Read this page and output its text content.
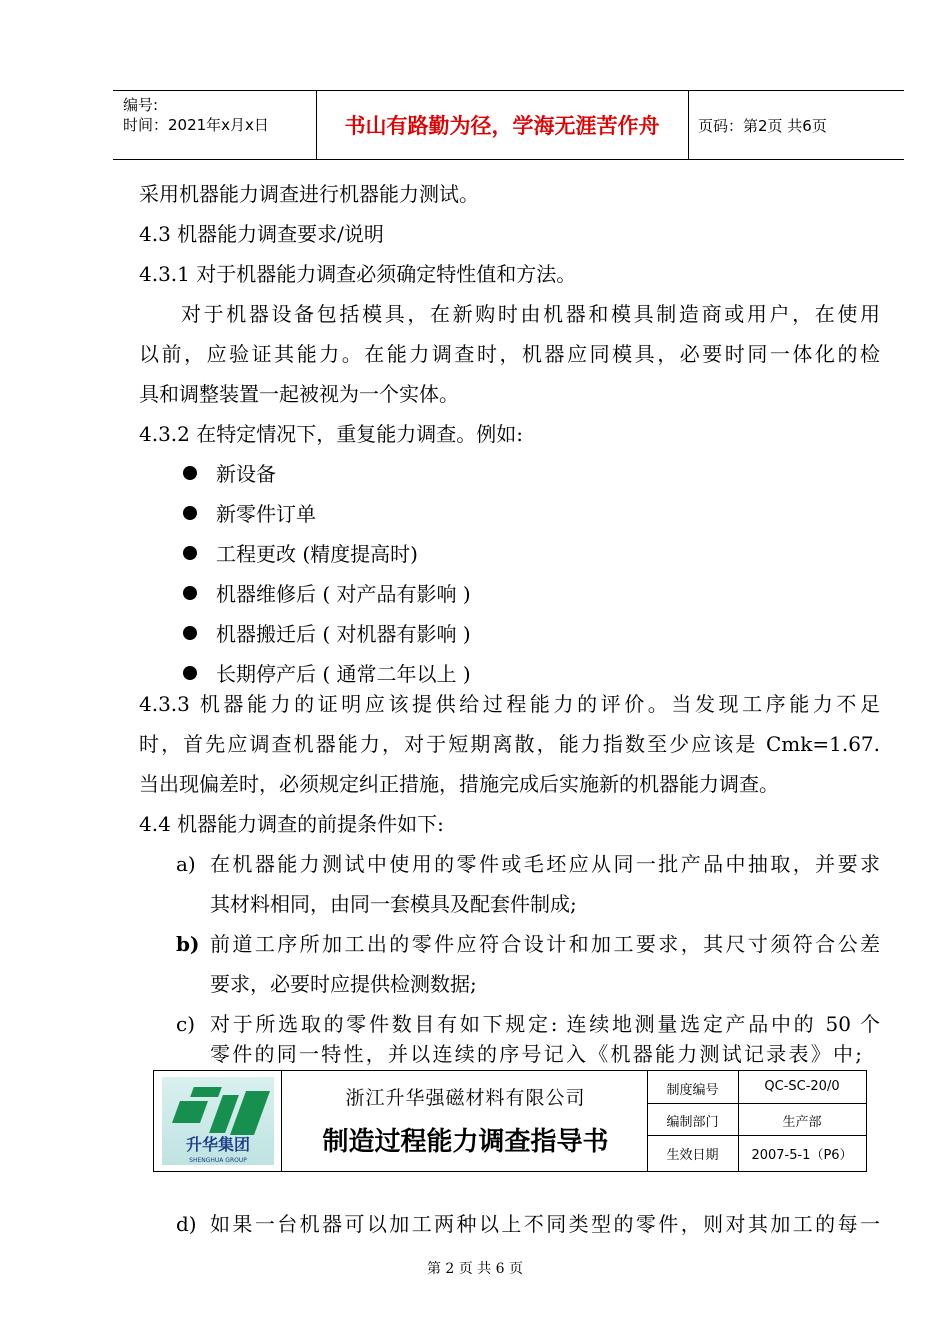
编号:
时间：2021年x月x日	书山有路勤为径，学海无涯苦作舟	页码：第2页 共6页
采用机器能力调查进行机器能力测试。
4.3 机器能力调查要求/说明
4.3.1 对于机器能力调查必须确定特性值和方法。
对于机器设备包括模具，在新购时由机器和模具制造商或用户，在使用
以前，应验证其能力。在能力调查时，机器应同模具，必要时同一体化的检
具和调整装置一起被视为一个实体。
4.3.2 在特定情况下，重复能力调查。例如:
新设备
新零件订单
工程更改 (精度提高时)
机器维修后 ( 对产品有影响 )
机器搬迁后 ( 对机器有影响 )
长期停产后 ( 通常二年以上 )
4.3.3 机器能力的证明应该提供给过程能力的评价。当发现工序能力不足
时，首先应调查机器能力，对于短期离散，能力指数至少应该是 Cmk=1.67.
当出现偏差时，必须规定纠正措施，措施完成后实施新的机器能力调查。
4.4 机器能力调查的前提条件如下:
a) 在机器能力测试中使用的零件或毛坯应从同一批产品中抽取，并要求
其材料相同，由同一套模具及配套件制成;
b) 前道工序所加工出的零件应符合设计和加工要求，其尺寸须符合公差
要求，必要时应提供检测数据;
c) 对于所选取的零件数目有如下规定: 连续地测量选定产品中的 50 个
零件的同一特性，并以连续的序号记入《机器能力测试记录表》中;
升华集团
SHENGHUA GROUP
浙江升华强磁材料有限公司
制造过程能力调查指导书
制度编号	QC-SC-20/0
编制部门	生产部
生效日期	2007-5-1（P6）
d) 如果一台机器可以加工两种以上不同类型的零件，则对其加工的每一
第 2 页 共 6 页
